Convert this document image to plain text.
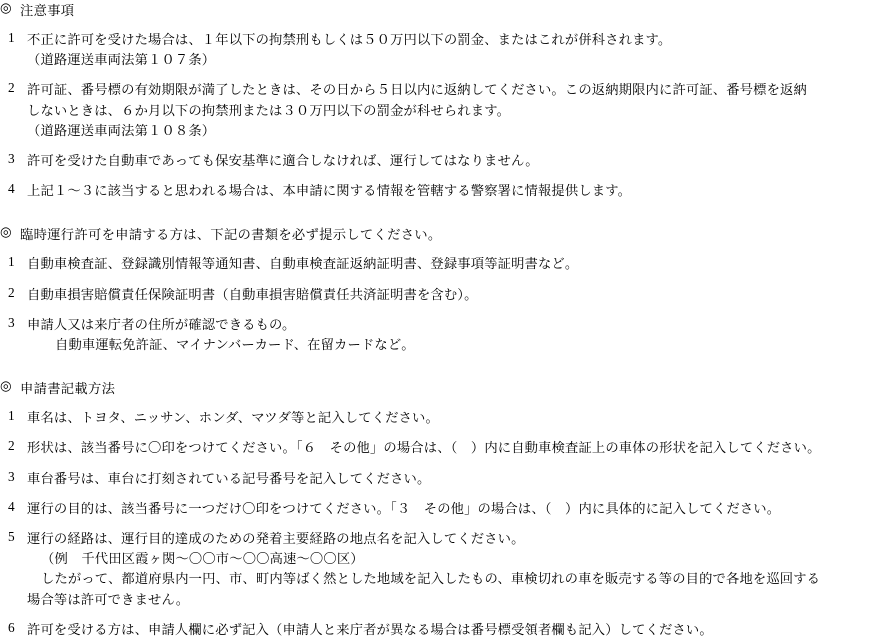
◎ 注意事項
1 不正に許可を受けた場合は、１年以下の拘禁刑もしくは５０万円以下の罰金、またはこれが併科されます。
（道路運送車両法第１０７条）
2 許可証、番号標の有効期限が満了したときは、その日から５日以内に返納してください。この返納期限内に許可証、番号標を返納
しないときは、６か月以下の拘禁刑または３０万円以下の罰金が科せられます。
（道路運送車両法第１０８条）
3 許可を受けた自動車であっても保安基準に適合しなければ、運行してはなりません。
4 上記１～３に該当すると思われる場合は、本申請に関する情報を管轄する警察署に情報提供します。
◎ 臨時運行許可を申請する方は、下記の書類を必ず提示してください。
1 自動車検査証、登録識別情報等通知書、自動車検査証返納証明書、登録事項等証明書など。
2 自動車損害賠償責任保険証明書（自動車損害賠償責任共済証明書を含む）。
3 申請人又は来庁者の住所が確認できるもの。
自動車運転免許証、マイナンバーカード、在留カードなど。
◎ 申請書記載方法
1 車名は、トヨタ、ニッサン、ホンダ、マツダ等と記入してください。
2 形状は、該当番号に〇印をつけてください。「６　その他」の場合は、（　）内に自動車検査証上の車体の形状を記入してください。
3 車台番号は、車台に打刻されている記号番号を記入してください。
4 運行の目的は、該当番号に一つだけ〇印をつけてください。「３　その他」の場合は、（　）内に具体的に記入してください。
5 運行の経路は、運行目的達成のための発着主要経路の地点名を記入してください。
（例　千代田区霞ヶ関～〇〇市～〇〇高速～〇〇区）
したがって、都道府県内一円、市、町内等ばく然とした地域を記入したもの、車検切れの車を販売する等の目的で各地を巡回する
場合等は許可できません。
6 許可を受ける方は、申請人欄に必ず記入（申請人と来庁者が異なる場合は番号標受領者欄も記入）してください。
